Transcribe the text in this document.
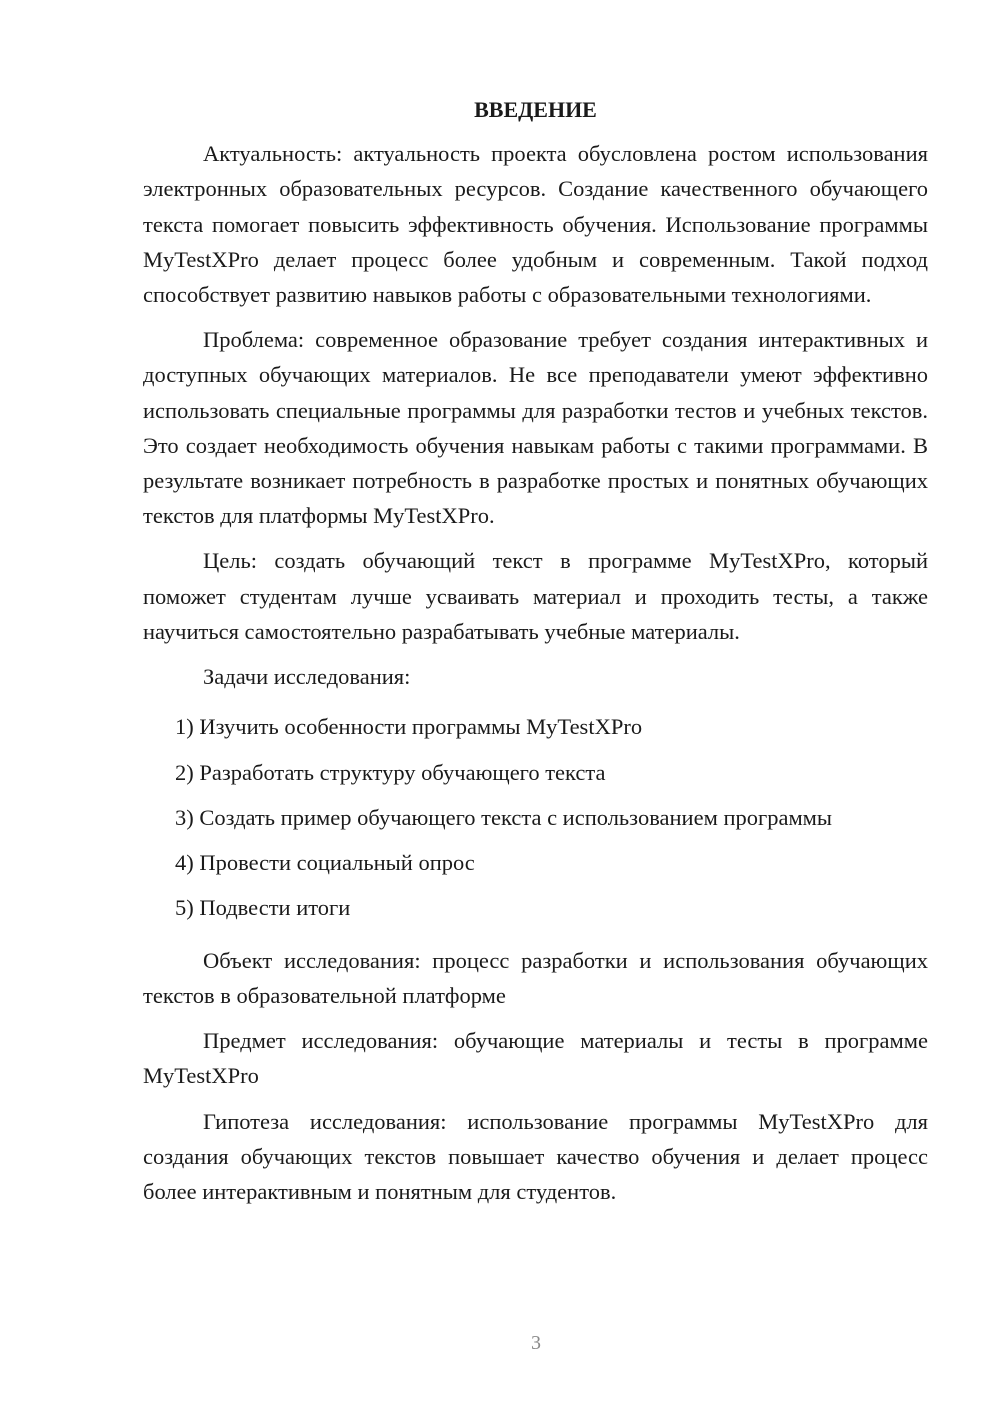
ВВЕДЕНИЕ

Актуальность: актуальность проекта обусловлена ростом использования электронных образовательных ресурсов. Создание качественного обучающего текста помогает повысить эффективность обучения. Использование программы MyTestXPro делает процесс более удобным и современным. Такой подход способствует развитию навыков работы с образовательными технологиями.

Проблема: современное образование требует создания интерактивных и доступных обучающих материалов. Не все преподаватели умеют эффективно использовать специальные программы для разработки тестов и учебных текстов. Это создает необходимость обучения навыкам работы с такими программами. В результате возникает потребность в разработке простых и понятных обучающих текстов для платформы MyTestXPro.

Цель: создать обучающий текст в программе MyTestXPro, который поможет студентам лучше усваивать материал и проходить тесты, а также научиться самостоятельно разрабатывать учебные материалы.

Задачи исследования:

1) Изучить особенности программы MyTestXPro
2) Разработать структуру обучающего текста
3) Создать пример обучающего текста с использованием программы
4) Провести социальный опрос
5) Подвести итоги

Объект исследования: процесс разработки и использования обучающих текстов в образовательной платформе

Предмет исследования: обучающие материалы и тесты в программе MyTestXPro

Гипотеза исследования: использование программы MyTestXPro для создания обучающих текстов повышает качество обучения и делает процесс более интерактивным и понятным для студентов.

3
